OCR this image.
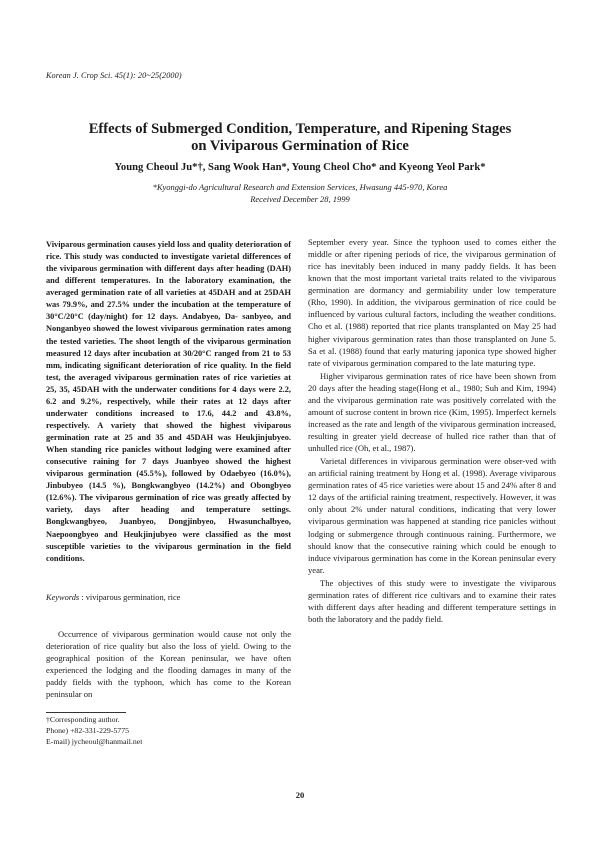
Korean J. Crop Sci. 45(1): 20~25(2000)
Effects of Submerged Condition, Temperature, and Ripening Stages
on Viviparous Germination of Rice
Young Cheoul Ju*†, Sang Wook Han*, Young Cheol Cho* and Kyeong Yeol Park*
*Kyonggi-do Agricultural Research and Extension Services, Hwasung 445-970, Korea
Received December 28, 1999

Viviparous germination causes yield loss and quality deterioration of rice. This study was conducted to investigate varietal differences of the viviparous germination with different days after heading (DAH) and different temperatures. In the laboratory examination, the averaged germination rate of all varieties at 45DAH and at 25DAH was 79.9%, and 27.5% under the incubation at the temperature of 30°C/20°C (day/night) for 12 days. Andabyeo, Da- sanbyeo, and Nonganbyeo showed the lowest viviparous germination rates among the tested varieties. The shoot length of the viviparous germination measured 12 days after incubation at 30/20°C ranged from 21 to 53 mm, indicating significant deterioration of rice quality. In the field test, the averaged viviparous germination rates of rice varieties at 25, 35, 45DAH with the underwater conditions for 4 days were 2.2, 6.2 and 9.2%, respectively, while their rates at 12 days after underwater conditions increased to 17.6, 44.2 and 43.8%, respectively. A variety that showed the highest viviparous germination rate at 25 and 35 and 45DAH was Heukjinjubyeo. When standing rice panicles without lodging were examined after consecutive raining for 7 days Juanbyeo showed the highest viviparous germination (45.5%), followed by Odaebyeo (16.0%), Jinbubyeo (14.5 %), Bongkwangbyeo (14.2%) and Obongbyeo (12.6%). The viviparous germination of rice was greatly affected by variety, days after heading and temperature settings. Bongkwangbyeo, Juanbyeo, Dongjinbyeo, Hwasunchalbyeo, Naepoongbyeo and Heukjinjubyeo were classified as the most susceptible varieties to the viviparous germination in the field conditions.

Keywords : viviparous germination, rice

Occurrence of viviparous germination would cause not only the deterioration of rice quality but also the loss of yield. Owing to the geographical position of the Korean peninsular, we have often experienced the lodging and the flooding damages in many of the paddy fields with the typhoon, which has come to the Korean peninsular on

†Corresponding author.
Phone) +82-331-229-5775
E-mail) jycheoul@hanmail.net

September every year. Since the typhoon used to comes either the middle or after ripening periods of rice, the viviparous germination of rice has inevitably been induced in many paddy fields. It has been known that the most important varietal traits related to the viviparous germination are dormancy and germiability under low temperature (Rho, 1990). In addition, the viviparous germination of rice could be influenced by various cultural factors, including the weather conditions. Cho et al. (1988) reported that rice plants transplanted on May 25 had higher viviparous germination rates than those transplanted on June 5. Sa et al. (1988) found that early maturing japonica type showed higher rate of viviparous germination compared to the late maturing type.

Higher viviparous germination rates of rice have been shown from 20 days after the heading stage(Hong et al., 1980; Suh and Kim, 1994) and the viviparous germination rate was positively correlated with the amount of sucrose content in brown rice (Kim, 1995). Imperfect kernels increased as the rate and length of the viviparous germination increased, resulting in greater yield decrease of hulled rice rather than that of unhulled rice (Oh, et al., 1987).

Varietal differences in viviparous germination were obser-ved with an artificial raining treatment by Hong et al. (1998). Average viviparous germination rates of 45 rice varieties were about 15 and 24% after 8 and 12 days of the artificial raining treatment, respectively. However, it was only about 2% under natural conditions, indicating that very lower viviparous germination was happened at standing rice panicles without lodging or submergence through continuous raining. Furthermore, we should know that the consecutive raining which could be enough to induce viviparous germination has come in the Korean peninsular every year.

The objectives of this study were to investigate the viviparous germination rates of different rice cultivars and to examine their rates with different days after heading and different temperature settings in both the laboratory and the paddy field.

20
